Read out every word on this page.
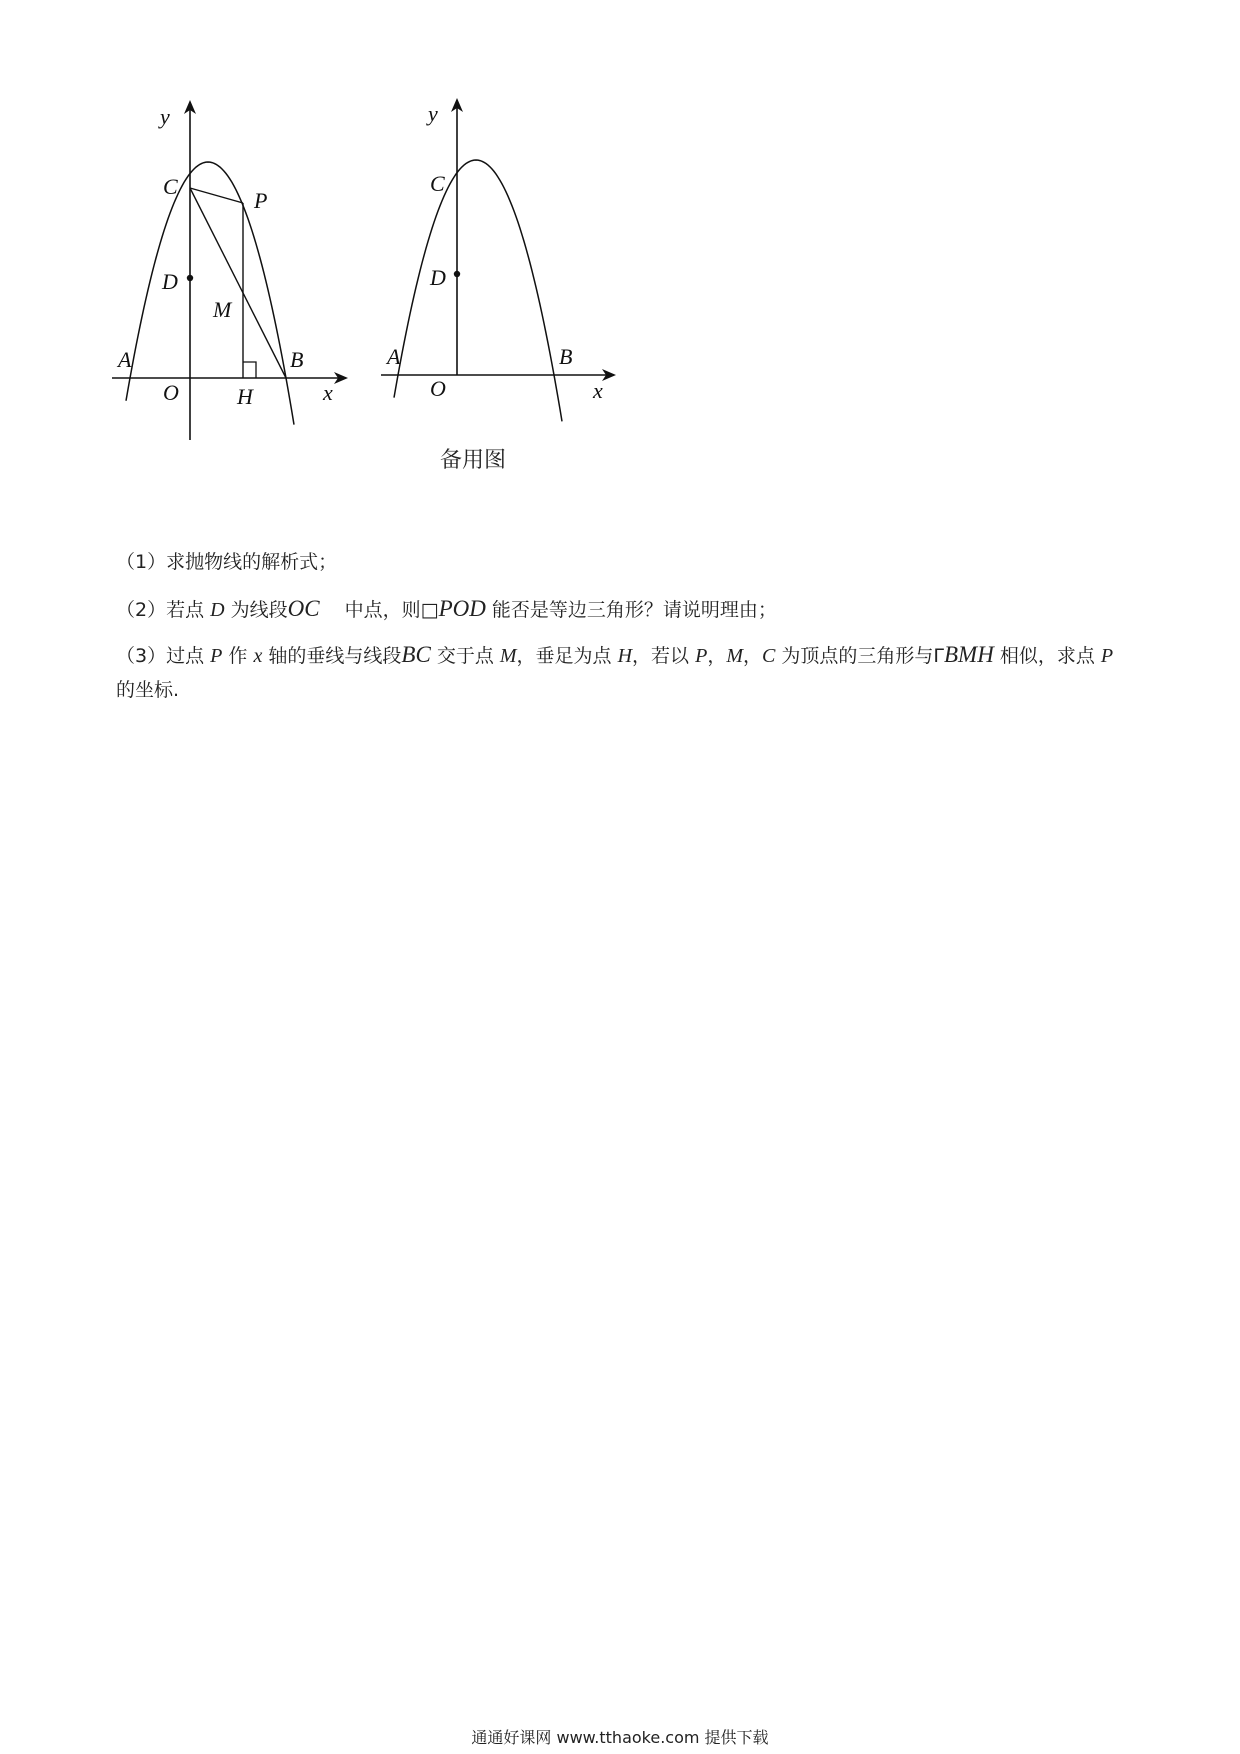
y
x
C
P
D
M
A	B
O	H
y
x
C
D
A	B
O
备用图

（1）求抛物线的解析式；

（2）若点 D 为线段OC　 中点，则□POD 能否是等边三角形？请说明理由；

（3）过点 P 作 x 轴的垂线与线段BC 交于点 M，垂足为点 H，若以 P，M，C 为顶点的三角形与ΓBMH 相似，求点 P 的坐标.

通通好课网 www.tthaoke.com 提供下载
